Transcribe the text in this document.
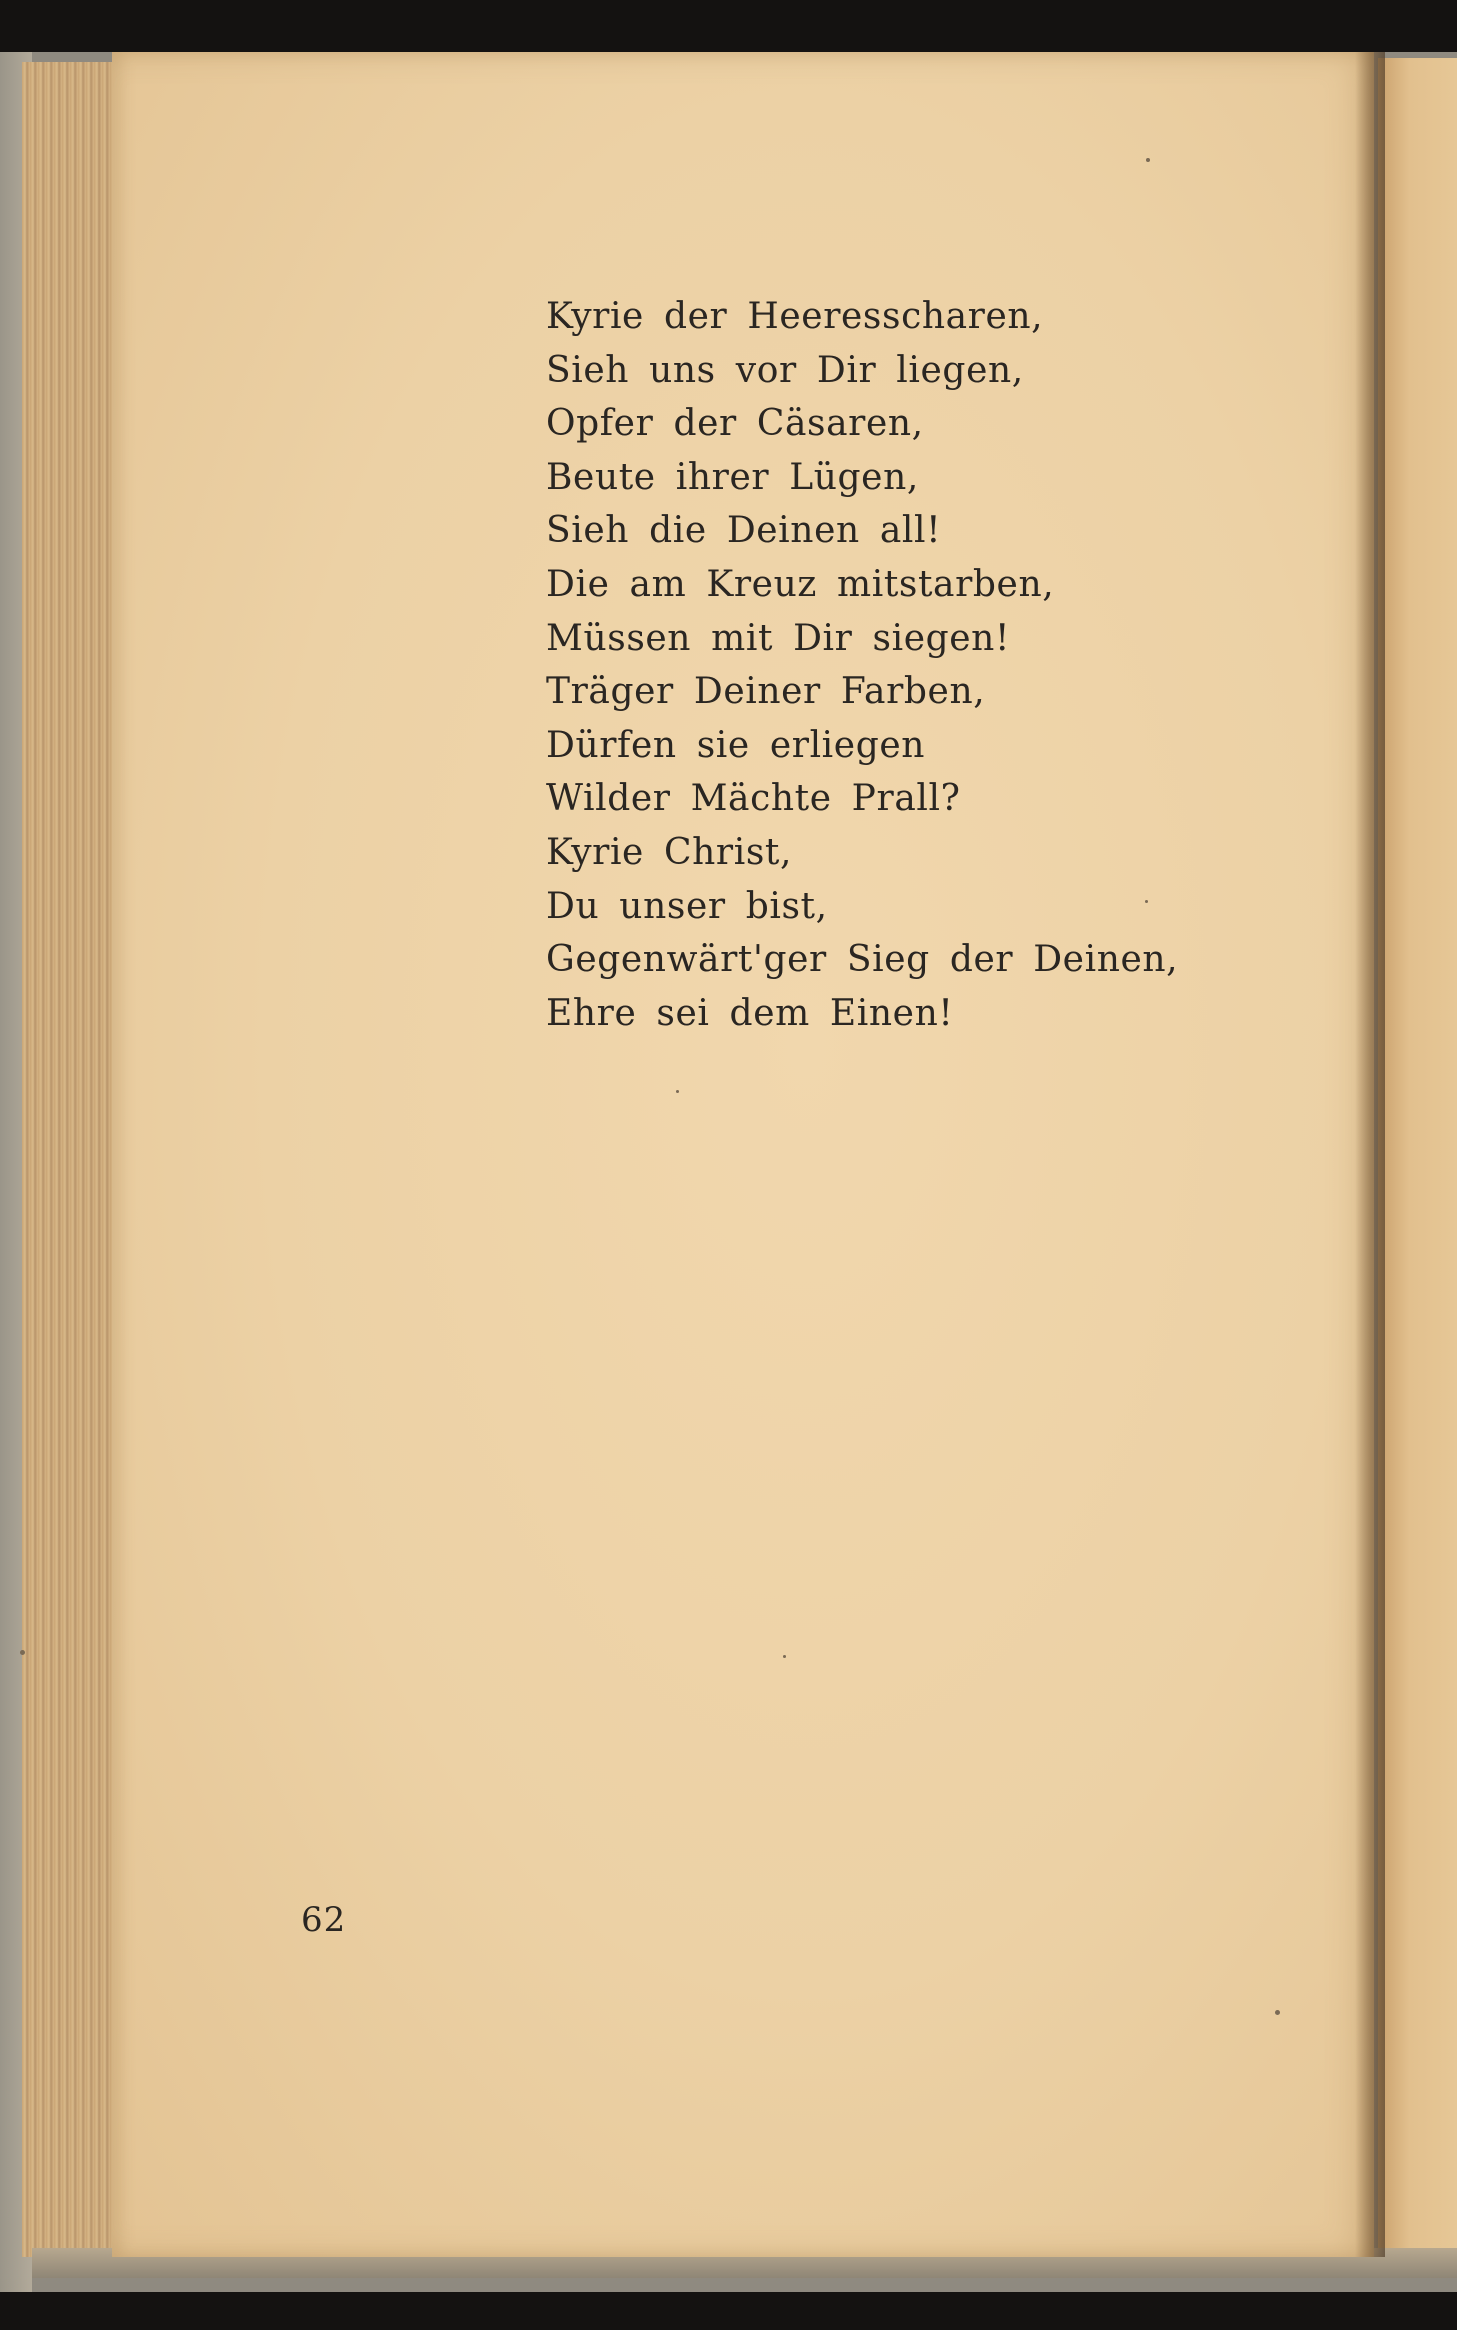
Kyrie der Heeresscharen,
Sieh uns vor Dir liegen,
Opfer der Cäsaren,
Beute ihrer Lügen,
Sieh die Deinen all!
Die am Kreuz mitstarben,
Müssen mit Dir siegen!
Träger Deiner Farben,
Dürfen sie erliegen
Wilder Mächte Prall?
Kyrie Christ,
Du unser bist,
Gegenwärt'ger Sieg der Deinen,
Ehre sei dem Einen!
62
